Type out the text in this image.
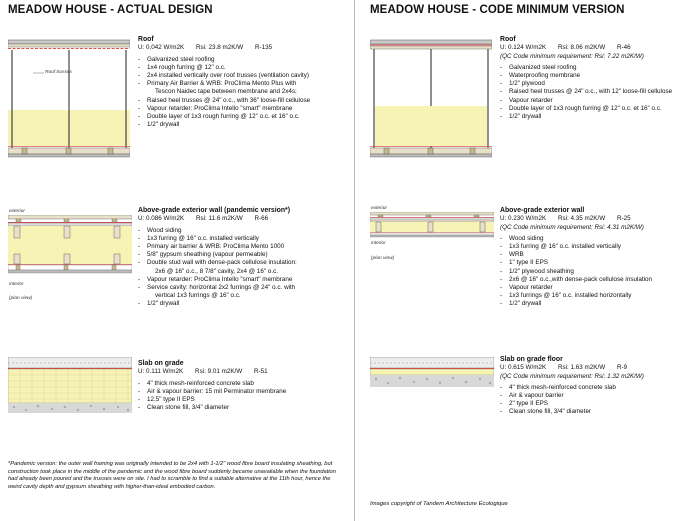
MEADOW HOUSE - ACTUAL DESIGN
Roof trusses
Roof
U: 0.042 W/m2K Rsi: 23.8 m2K/W R-135
- Galvanized steel roofing
- 1x4 rough furring @ 12" o.c.
- 2x4 installed vertically over roof trusses (ventilation cavity)
- Primary Air Barrier & WRB: ProClima Mento Plus with
Tescon Naidec tape between membrane and 2x4s;
- Raised heel trusses @ 24" o.c., with 36" loose-fill cellulose
- Vapour retarder: ProClima Intello "smart" membrane
- Double layer of 1x3 rough furring @ 12" o.c. et 16" o.c.
- 1/2" drywall
exterior
interior
(plan view)
Above-grade exterior wall (pandemic version*)
U: 0.086 W/m2K Rsi: 11.6 m2K/W R-66
- Wood siding
- 1x3 furring @ 16" o.c. installed vertically
- Primary air barrier & WRB: ProClima Mento 1000
- 5/8" gypsum sheathing (vapour permeable)
- Double stud wall with dense-pack cellulose insulation:
2x6 @ 16" o.c., 8 7/8" cavity, 2x4 @ 16" o.c.
- Vapour retarder: ProClima Intello "smart" membrane
- Service cavity: horizontal 2x2 furrings @ 24" o.c. with
vertical 1x3 furrings @ 16" o.c.
- 1/2" drywall
Slab on grade
U: 0.111 W/m2K Rsi: 9.01 m2K/W R-51
- 4" thick mesh-reinforced concrete slab
- Air & vapour barrier: 15 mil Perminator membrane
- 12.5" type II EPS
- Clean stone fill, 3/4" diameter
*Pandemic version: the outer wall framing was originally intended to be 2x4 with 1-1/2" wood fibre board insulating sheathing, but construction took place in the middle of the pandemic and the wood fibre board suddenly became unavailable when the foundation had already been poured and the trusses were on site. I had to scramble to find a suitable alternative at the 11th hour, hence the weird cavity depth and gypsum sheathing with higher-than-ideal embodied carbon.
MEADOW HOUSE - CODE MINIMUM VERSION
Roof
U: 0.124 W/m2K Rsi: 8.06 m2K/W R-46
(QC Code minimum requirement: Rsi: 7.22 m2K/W)
- Galvanized steel roofing
- Waterproofing membrane
- 1/2" plywood
- Raised heel trusses @ 24" o.c., with 12" loose-fill cellulose
- Vapour retarder
- Double layer of 1x3 rough furring @ 12" o.c. et 16" o.c.
- 1/2" drywall
exterior
interior
(plan view)
Above-grade exterior wall
U: 0.230 W/m2K Rsi: 4.35 m2K/W R-25
(QC Code minimum requirement: Rsi: 4.31 m2K/W)
- Wood siding
- 1x3 furring @ 16" o.c. installed vertically
- WRB
- 1" type II EPS
- 1/2" plywood sheathing
- 2x6 @ 16" o.c.,with dense-pack cellulose insulation
- Vapour retarder
- 1x3 furrings @ 16" o.c. installed horizontally
- 1/2" drywall
Slab on grade floor
U: 0.615 W/m2K Rsi: 1.63 m2K/W R-9
(QC Code minimum requirement: Rsi: 1.32 m2K/W)
- 4" thick mesh-reinforced concrete slab
- Air & vapour barrier
- 2" type II EPS
- Clean stone fill, 3/4" diameter
Images copyright of Tandem Architecture Écologique
